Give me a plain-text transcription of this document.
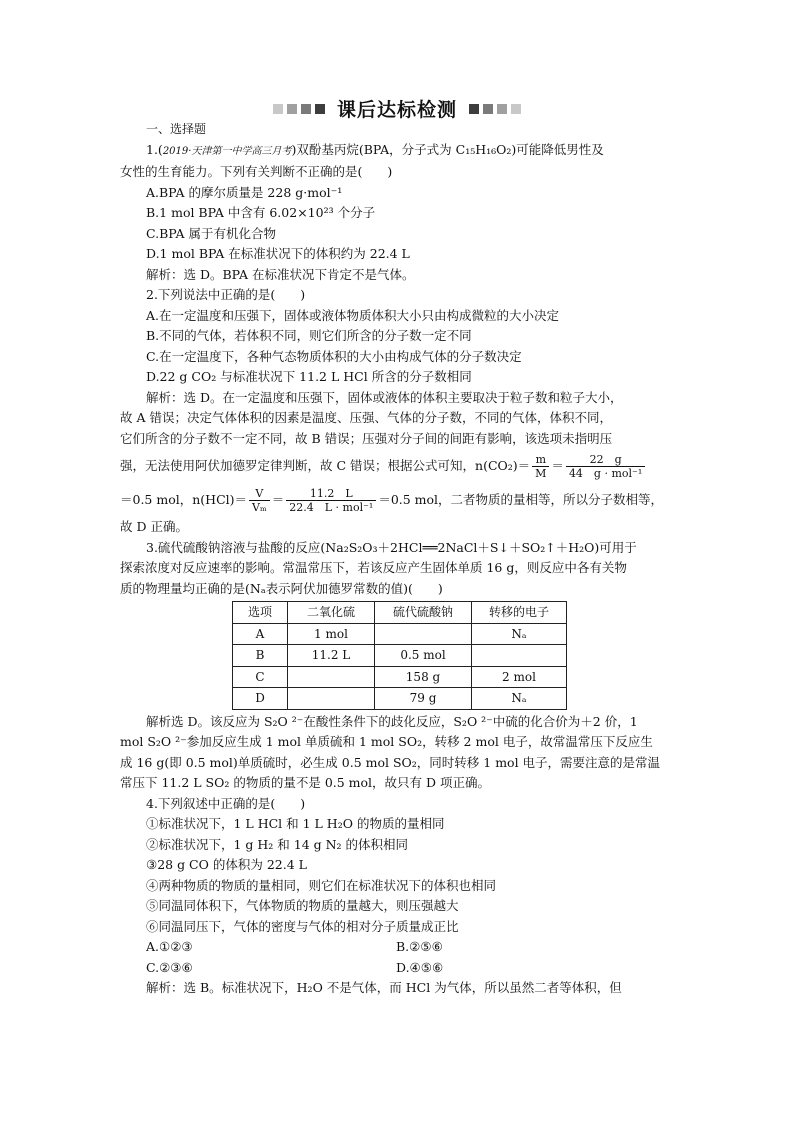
课后达标检测
一、选择题
1.(2019·天津第一中学高三月考)双酚基丙烷(BPA，分子式为 C₁₅H₁₆O₂)可能降低男性及
女性的生育能力。下列有关判断不正确的是(　　)
A.BPA 的摩尔质量是 228 g·mol⁻¹
B.1 mol BPA 中含有 6.02×10²³ 个分子
C.BPA 属于有机化合物
D.1 mol BPA 在标准状况下的体积约为 22.4 L
解析：选 D。BPA 在标准状况下肯定不是气体。
2.下列说法中正确的是(　　)
A.在一定温度和压强下，固体或液体物质体积大小只由构成微粒的大小决定
B.不同的气体，若体积不同，则它们所含的分子数一定不同
C.在一定温度下，各种气态物质体积的大小由构成气体的分子数决定
D.22 g CO₂ 与标准状况下 11.2 L HCl 所含的分子数相同
解析：选 D。在一定温度和压强下，固体或液体的体积主要取决于粒子数和粒子大小，
故 A 错误；决定气体体积的因素是温度、压强、气体的分子数，不同的气体，体积不同，
它们所含的分子数不一定不同，故 B 错误；压强对分子间的间距有影响，该选项未指明压
强，无法使用阿伏加德罗定律判断，故 C 错误；根据公式可知，$n(CO_2)= \frac{m}{M} = \frac{22 g}{\text{44　g · mol⁻¹}}$
＝0.5 mol，$n(HCl)= \frac{V}{\text{Vₘ}} = \frac{11.2 L}{\text{22.4　L · mol⁻¹}} =0.5$ mol，二者物质的量相等，所以分子数相等，
故 D 正确。
3.硫代硫酸钠溶液与盐酸的反应(Na₂S₂O₃＋2HCl══2NaCl＋S↓＋SO₂↑＋H₂O)可用于
探索浓度对反应速率的影响。常温常压下，若该反应产生固体单质 16 g，则反应中各有关物
质的物理量均正确的是(Nₐ表示阿伏加德罗常数的值)(　　)
选项	二氧化硫	硫代硫酸钠	转移的电子
A	1 mol		Nₐ
B	11.2 L	0.5 mol	
C		158 g	2 mol
D		79 g	Nₐ
解析选 D。该反应为 S₂O ²⁻在酸性条件下的歧化反应，S₂O ²⁻中硫的化合价为＋2 价，1
mol S₂O ²⁻参加反应生成 1 mol 单质硫和 1 mol SO₂，转移 2 mol 电子，故常温常压下反应生
成 16 g(即 0.5 mol)单质硫时，必生成 0.5 mol SO₂，同时转移 1 mol 电子，需要注意的是常温
常压下 11.2 L SO₂ 的物质的量不是 0.5 mol，故只有 D 项正确。
4.下列叙述中正确的是(　　)
①标准状况下，1 L HCl 和 1 L H₂O 的物质的量相同
②标准状况下，1 g H₂ 和 14 g N₂ 的体积相同
③28 g CO 的体积为 22.4 L
④两种物质的物质的量相同，则它们在标准状况下的体积也相同
⑤同温同体积下，气体物质的物质的量越大，则压强越大
⑥同温同压下，气体的密度与气体的相对分子质量成正比
A.①②③	B.②⑤⑥
C.②③⑥	D.④⑤⑥
解析：选 B。标准状况下，H₂O 不是气体，而 HCl 为气体，所以虽然二者等体积，但
